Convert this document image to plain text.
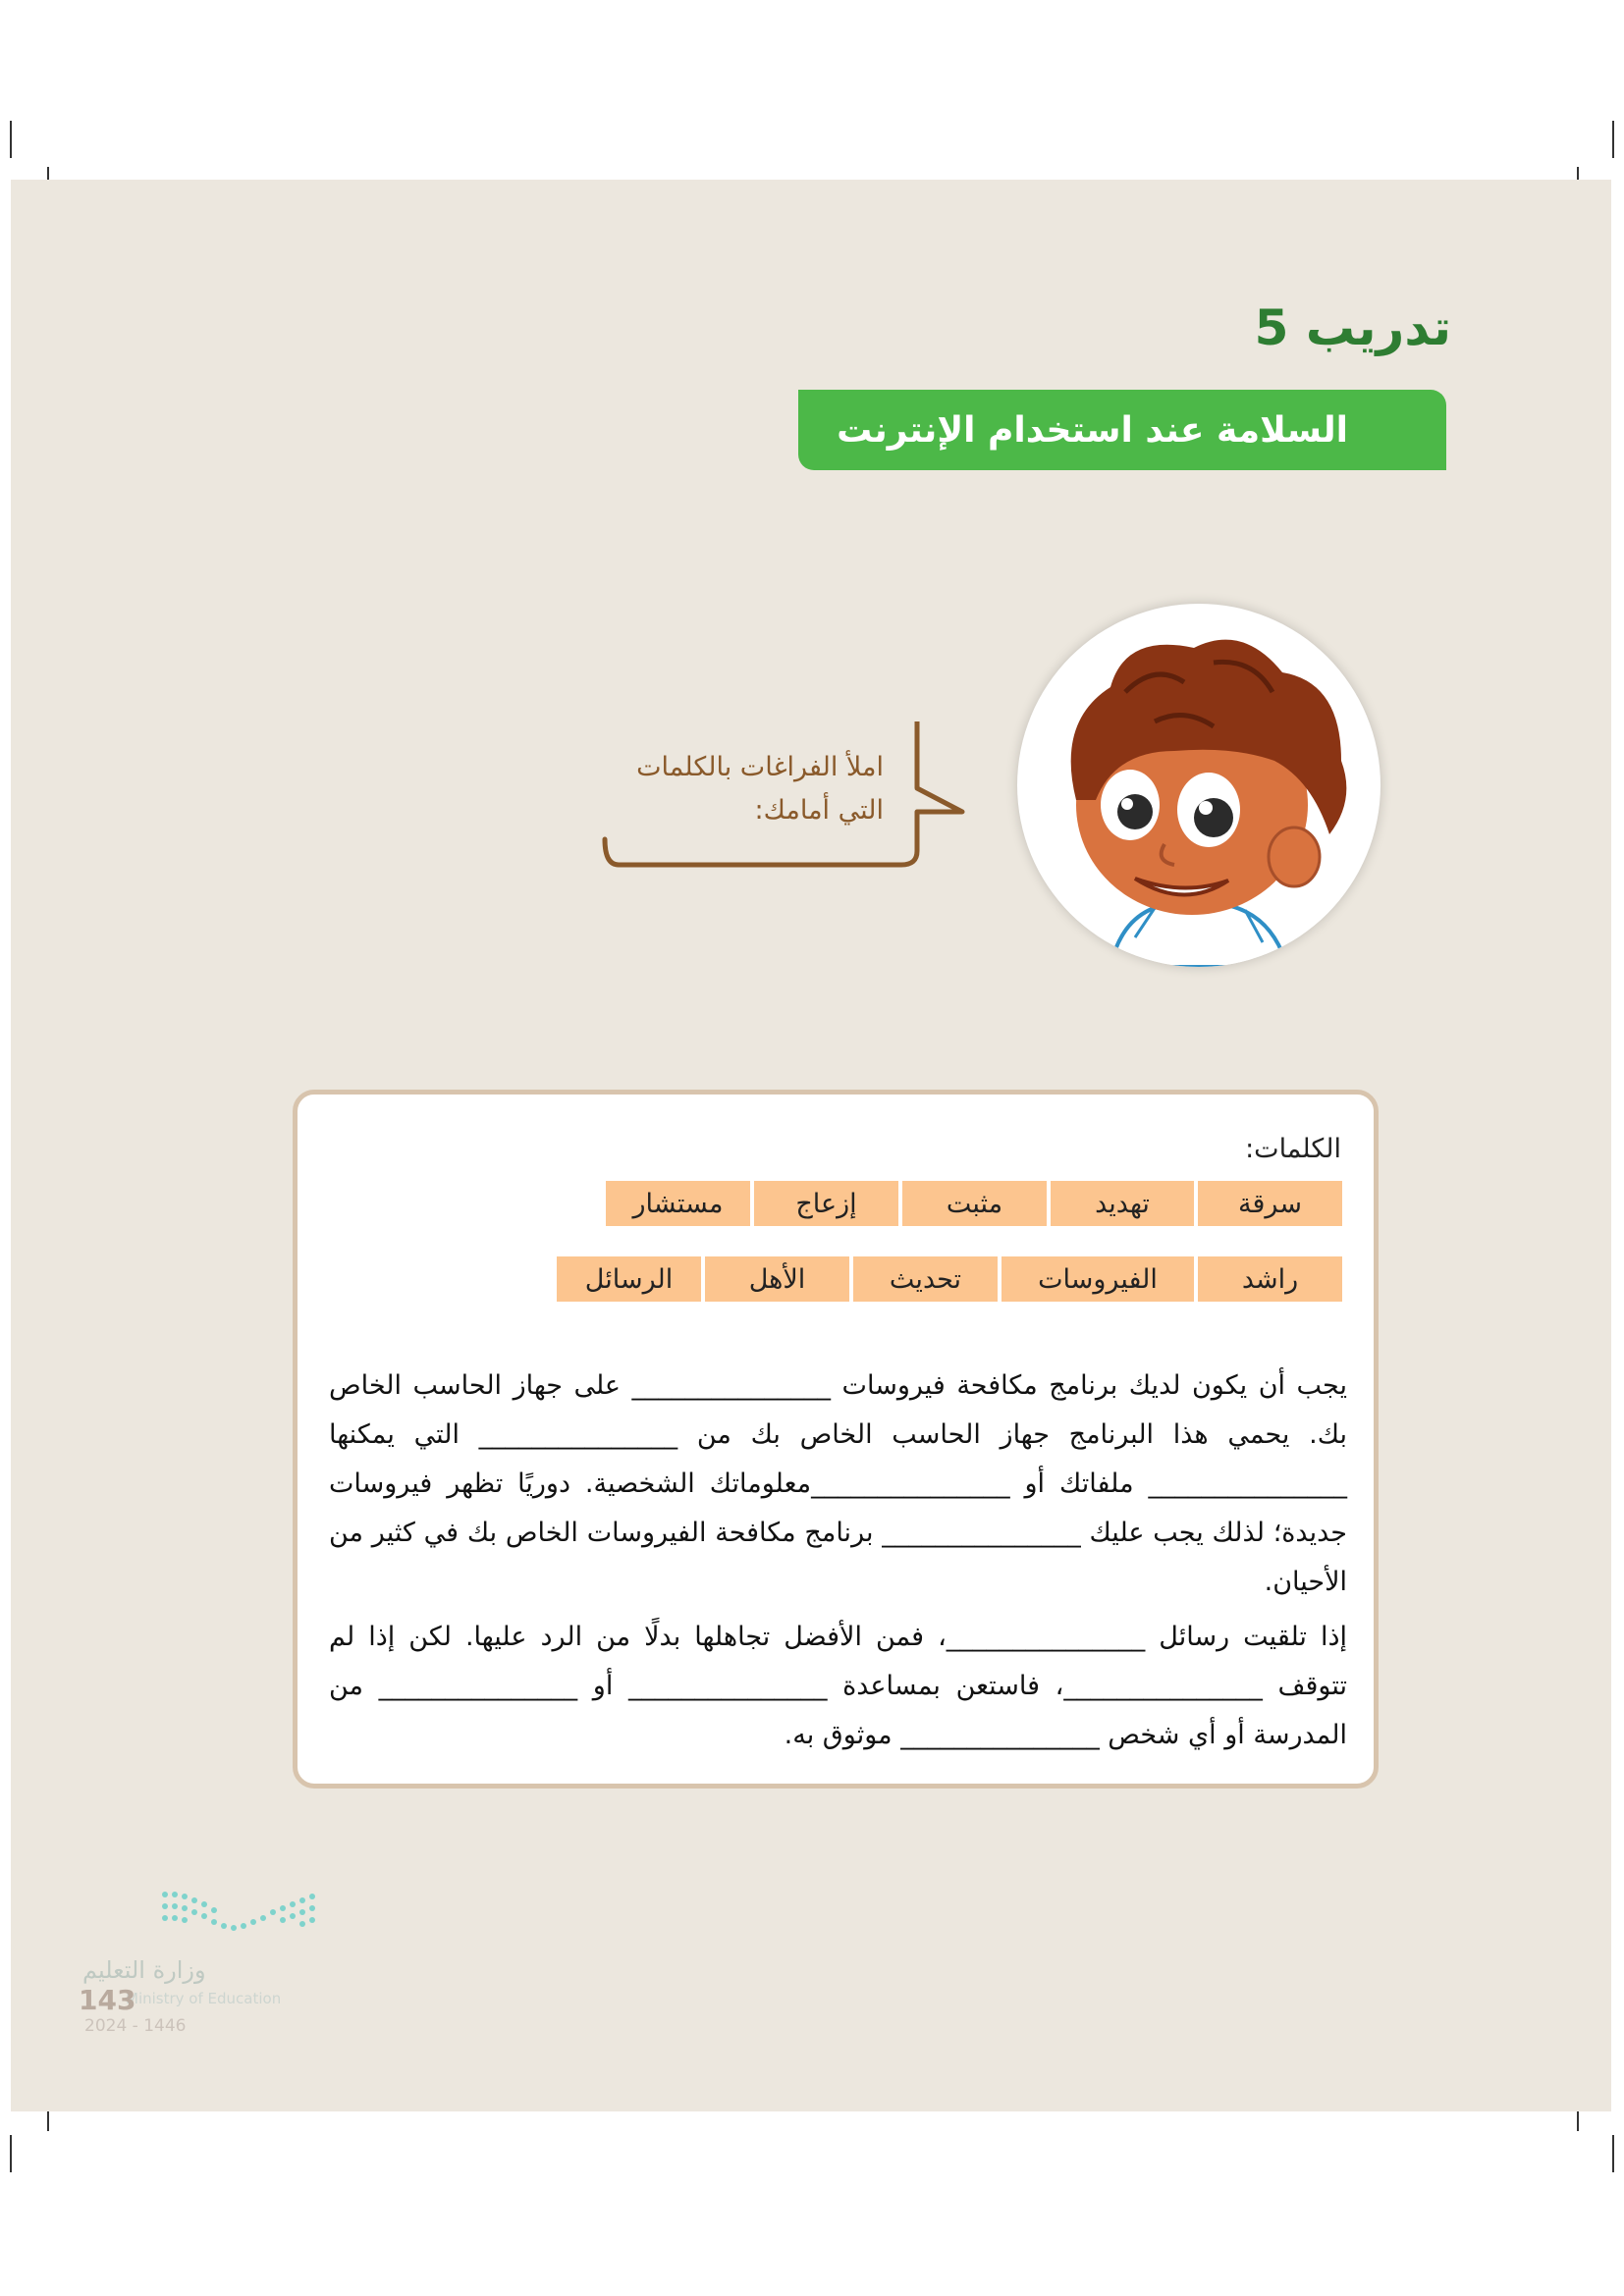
تدريب 5
السلامة عند استخدام الإنترنت
املأ الفراغات بالكلمات
التي أمامك:
الكلمات:
سرقة
تهديد
مثبت
إزعاج
مستشار
راشد
الفيروسات
تحديث
الأهل
الرسائل

يجب أن يكون لديك برنامج مكافحة فيروسات _______________ على جهاز الحاسب الخاص بك. يحمي هذا البرنامج جهاز الحاسب الخاص بك من _______________ التي يمكنها _______________ ملفاتك أو _______________معلوماتك الشخصية. دوريًا تظهر فيروسات جديدة؛ لذلك يجب عليك _______________ برنامج مكافحة الفيروسات الخاص بك في كثير من الأحيان.

إذا تلقيت رسائل _______________، فمن الأفضل تجاهلها بدلًا من الرد عليها. لكن إذا لم تتوقف _______________، فاستعن بمساعدة _______________ أو _______________ من المدرسة أو أي شخص _______________ موثوق به.

وزارة التعليم
Ministry of Education
143
2024 - 1446
